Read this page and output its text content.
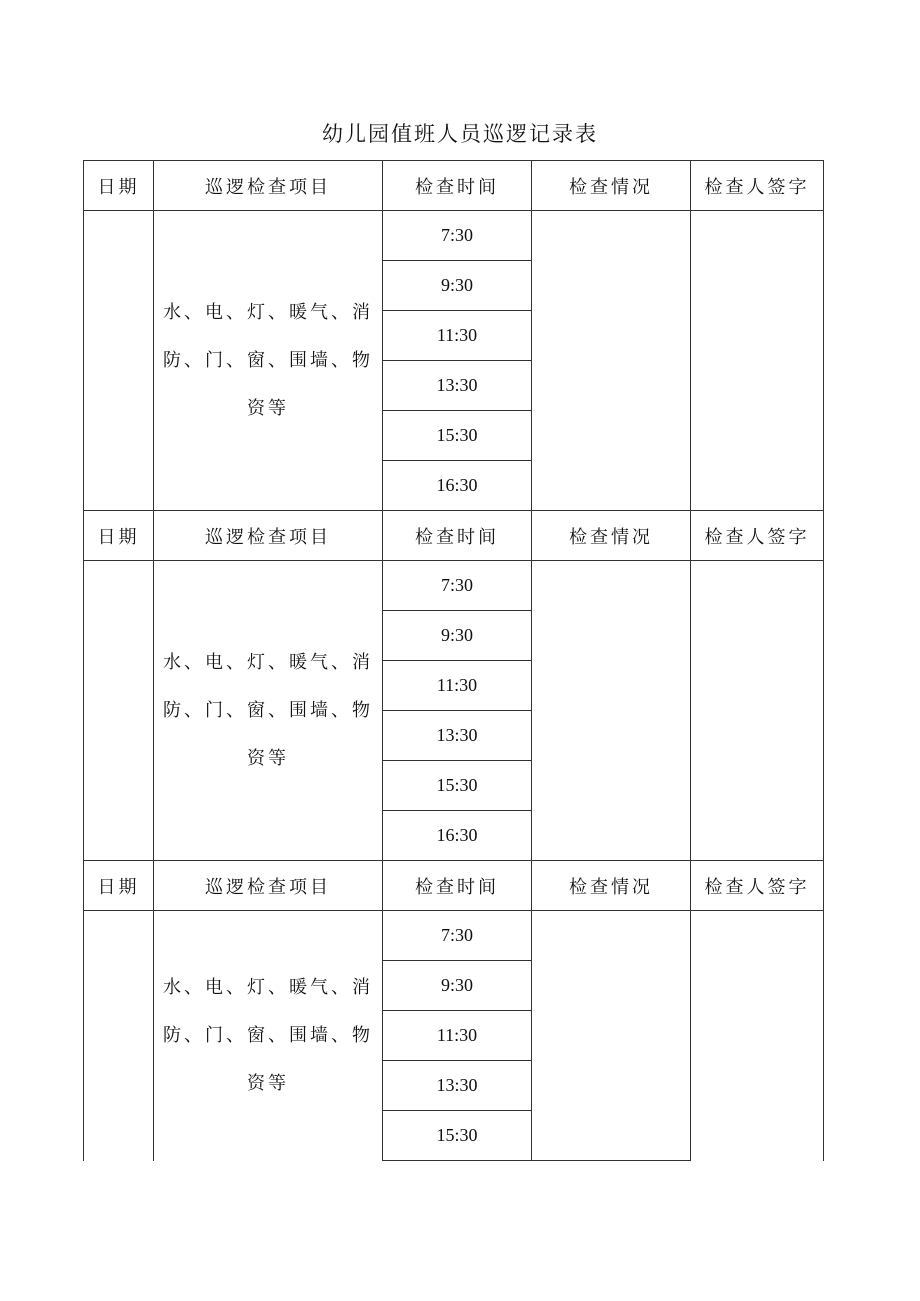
幼儿园值班人员巡逻记录表
日期	巡逻检查项目	检查时间	检查情况	检查人签字

	水、电、灯、暖气、消防、门、窗、围墙、物资等	7:30		
		9:30		
		11:30		
		13:30		
		15:30		
		16:30		
日期	巡逻检查项目	检查时间	检查情况	检查人签字

	水、电、灯、暖气、消防、门、窗、围墙、物资等	7:30		
		9:30		
		11:30		
		13:30		
		15:30		
		16:30		
日期	巡逻检查项目	检查时间	检查情况	检查人签字

	水、电、灯、暖气、消防、门、窗、围墙、物资等	7:30		
		9:30		
		11:30		
		13:30		
		15:30		
